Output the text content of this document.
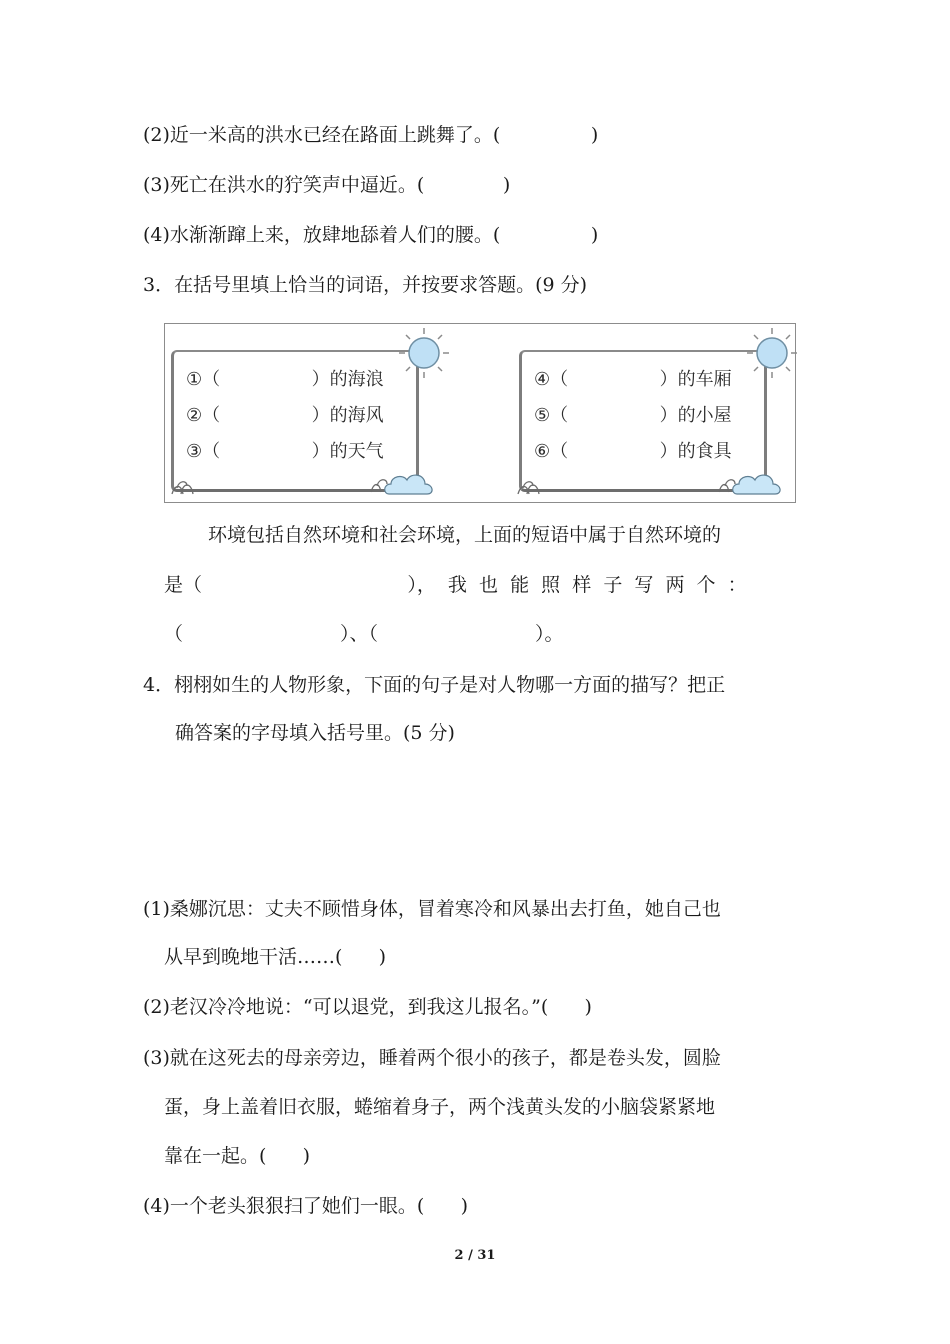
(2)近一米高的洪水已经在路面上跳舞了。(               )
(3)死亡在洪水的狞笑声中逼近。(             )
(4)水渐渐蹿上来，放肆地舔着人们的腰。(               )
3．在括号里填上恰当的词语，并按要求答题。(9 分)
①（                ）的海浪
②（                ）的海风
③（                ）的天气
④（                ）的车厢
⑤（                ）的小屋
⑥（                ）的食具
环境包括自然环境和社会环境，上面的短语中属于自然环境的
是（                                  ），  我  也  能  照  样  子  写  两  个  ：
（                          ）、（                          ）。
4．栩栩如生的人物形象，下面的句子是对人物哪一方面的描写？把正
确答案的字母填入括号里。(5 分)
(1)桑娜沉思：丈夫不顾惜身体，冒着寒冷和风暴出去打鱼，她自己也
从早到晚地干活……(      )
(2)老汉冷冷地说：“可以退党，到我这儿报名。”(      )
(3)就在这死去的母亲旁边，睡着两个很小的孩子，都是卷头发，圆脸
蛋，身上盖着旧衣服，蜷缩着身子，两个浅黄头发的小脑袋紧紧地
靠在一起。(      )
(4)一个老头狠狠扫了她们一眼。(      )
2 / 31
